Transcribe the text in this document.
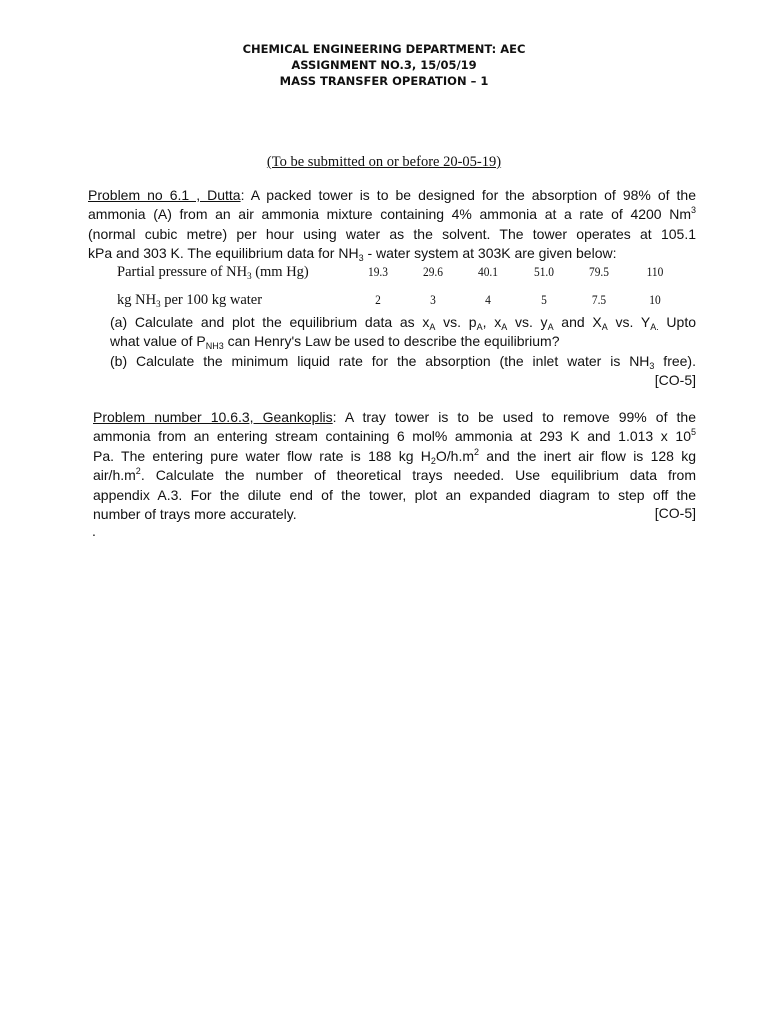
CHEMICAL ENGINEERING DEPARTMENT: AEC
ASSIGNMENT NO.3, 15/05/19
MASS TRANSFER OPERATION – 1
(To be submitted on or before 20-05-19)
Problem no 6.1 , Dutta: A packed tower is to be designed for the absorption of 98% of the
ammonia (A) from an air ammonia mixture containing 4% ammonia at a rate of 4200 Nm$^3$
(normal cubic metre) per hour using water as the solvent. The tower operates at 105.1
kPa and 303 K. The equilibrium data for $NH_3$ - water system at 303K are given below:
Partial pressure of $NH_3$ (mm Hg)	19.3	29.6	40.1	51.0	79.5	110
kg $NH_3$ per 100 kg water	2	3	4	5	7.5	10
(a) Calculate and plot the equilibrium data as $x_A$ vs. $p_A$, $x_A$ vs. $y_A$ and $X_A$ vs. $Y_{A.}$ Upto
what value of $P_{NH3}$ can Henry's Law be used to describe the equilibrium?
(b) Calculate the minimum liquid rate for the absorption (the inlet water is $NH_3$ free).
[CO-5]
Problem number 10.6.3, Geankoplis: A tray tower is to be used to remove 99% of the
ammonia from an entering stream containing 6 mol% ammonia at 293 K and 1.013 x $10^5$
Pa. The entering pure water flow rate is 188 kg $H_2O/h.m^2$ and the inert air flow is 128 kg
air/$h.m^2$. Calculate the number of theoretical trays needed. Use equilibrium data from
appendix A.3. For the dilute end of the tower, plot an expanded diagram to step off the
number of trays more accurately.	[CO-5]
.
